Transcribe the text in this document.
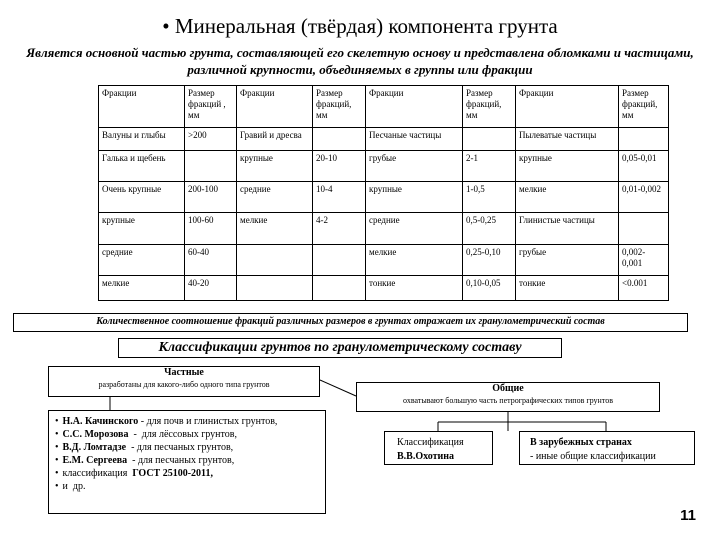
• Минеральная (твёрдая) компонента грунта
Является основной частью грунта, составляющей его скелетную основу и представлена обломками и частицами, различной крупности, объединяемых в группы или фракции
Фракции	Размер фракций , мм	Фракции	Размер фракций, мм	Фракции	Размер фракций, мм	Фракции	Размер фракций, мм
Валуны и глыбы	>200	Гравий и дресва		Песчаные частицы		Пылеватые частицы	
Галька и щебень		крупные	20-10	грубые	2-1	крупные	0,05-0,01
Очень крупные	200-100	средние	10-4	крупные	1-0,5	мелкие	0,01-0,002
крупные	100-60	мелкие	4-2	средние	0,5-0,25	Глинистые частицы	
средние	60-40			мелкие	0,25-0,10	грубые	0,002-0,001
мелкие	40-20			тонкие	0,10-0,05	тонкие	<0.001
Количественное соотношение фракций различных размеров в грунтах отражает их гранулометрический состав
Классификации грунтов по гранулометрическому составу
Частные
разработаны для какого-либо одного типа грунтов	Общие
охватывают большую часть петрографических типов грунтов
• Н.А. Качинского - для почв и глинистых грунтов,
• С.С. Морозова  -  для лёссовых грунтов,
• В.Д. Ломтадзе  - для песчаных грунтов,
• Е.М. Сергеева  - для песчаных грунтов,
• классификация  ГОСТ 25100-2011,
• и  др.
Классификация
В.В.Охотина
В зарубежных странах
- иные общие классификации
11
